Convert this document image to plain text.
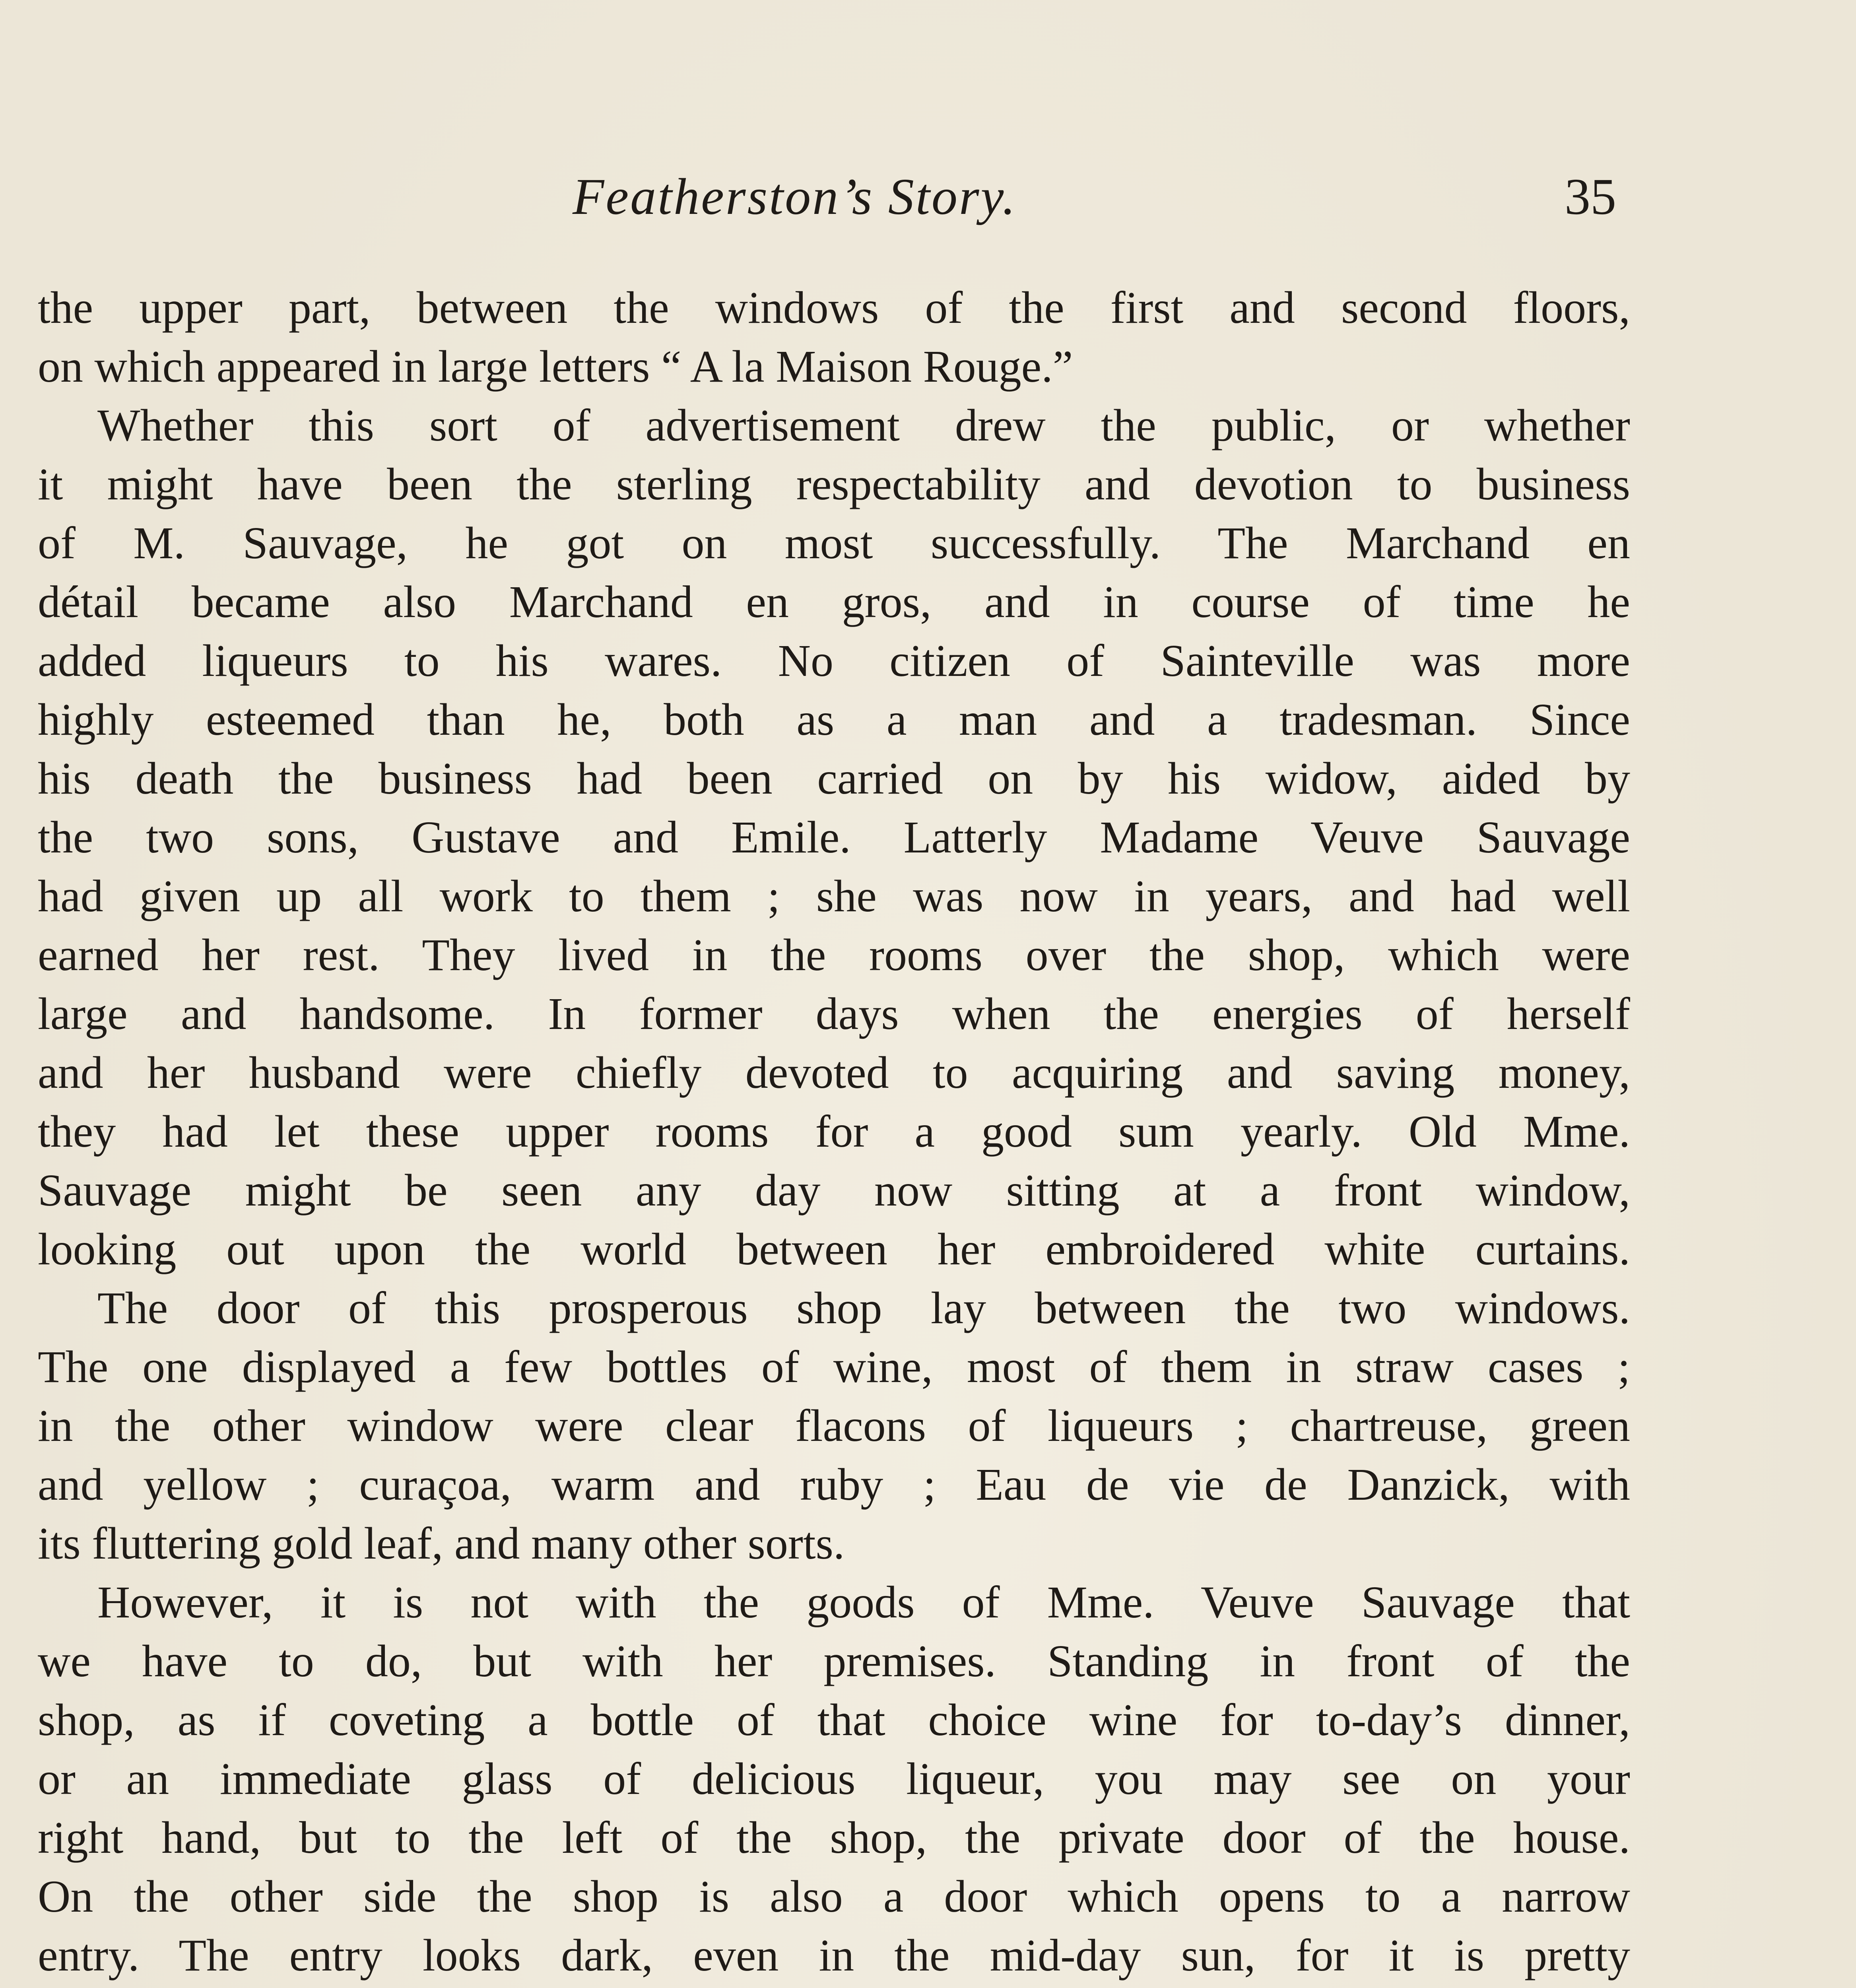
Featherston’s Story.	35
the upper part, between the windows of the first and second floors,
on which appeared in large letters “ A la Maison Rouge.”
Whether this sort of advertisement drew the public, or whether
it might have been the sterling respectability and devotion to business
of M. Sauvage, he got on most successfully. The Marchand en
détail became also Marchand en gros, and in course of time he
added liqueurs to his wares. No citizen of Sainteville was more
highly esteemed than he, both as a man and a tradesman. Since
his death the business had been carried on by his widow, aided by
the two sons, Gustave and Emile. Latterly Madame Veuve Sauvage
had given up all work to them ; she was now in years, and had well
earned her rest. They lived in the rooms over the shop, which were
large and handsome. In former days when the energies of herself
and her husband were chiefly devoted to acquiring and saving money,
they had let these upper rooms for a good sum yearly. Old Mme.
Sauvage might be seen any day now sitting at a front window,
looking out upon the world between her embroidered white curtains.
The door of this prosperous shop lay between the two windows.
The one displayed a few bottles of wine, most of them in straw cases ;
in the other window were clear flacons of liqueurs ; chartreuse, green
and yellow ; curaçoa, warm and ruby ; Eau de vie de Danzick, with
its fluttering gold leaf, and many other sorts.
However, it is not with the goods of Mme. Veuve Sauvage that
we have to do, but with her premises. Standing in front of the
shop, as if coveting a bottle of that choice wine for to-day’s dinner,
or an immediate glass of delicious liqueur, you may see on your
right hand, but to the left of the shop, the private door of the house.
On the other side the shop is also a door which opens to a narrow
entry. The entry looks dark, even in the mid-day sun, for it is pretty
